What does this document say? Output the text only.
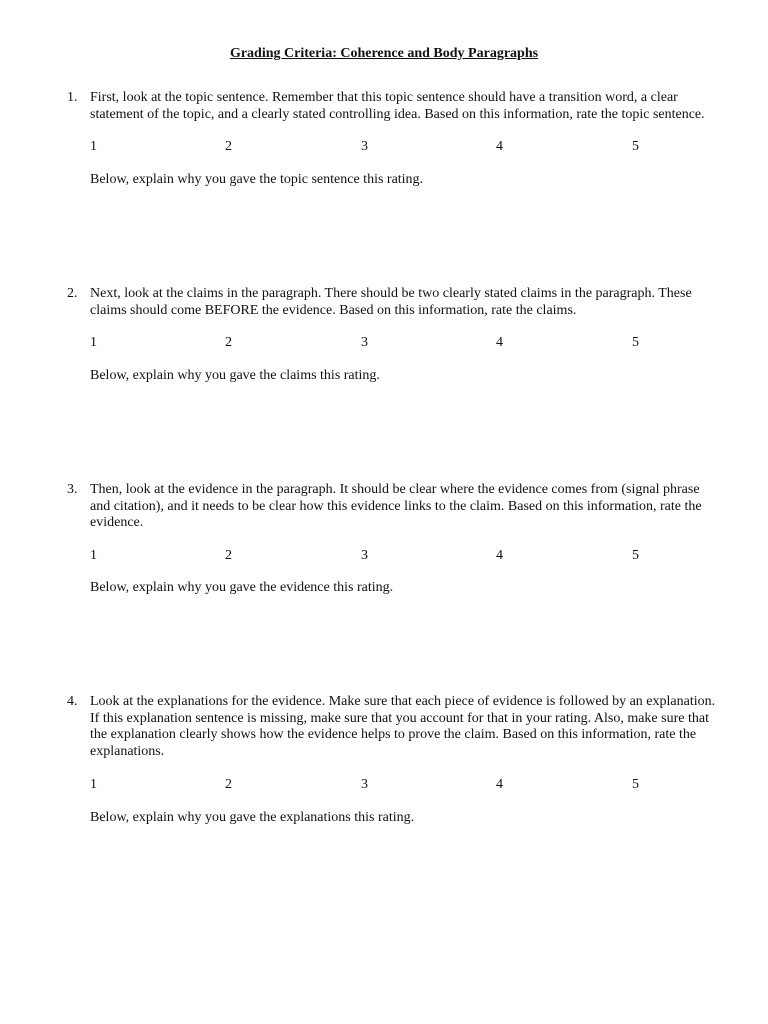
Grading Criteria: Coherence and Body Paragraphs
1. First, look at the topic sentence. Remember that this topic sentence should have a transition word, a clear statement of the topic, and a clearly stated controlling idea. Based on this information, rate the topic sentence.
1	2	3	4	5
Below, explain why you gave the topic sentence this rating.
2. Next, look at the claims in the paragraph. There should be two clearly stated claims in the paragraph. These claims should come BEFORE the evidence. Based on this information, rate the claims.
1	2	3	4	5
Below, explain why you gave the claims this rating.
3. Then, look at the evidence in the paragraph. It should be clear where the evidence comes from (signal phrase and citation), and it needs to be clear how this evidence links to the claim. Based on this information, rate the evidence.
1	2	3	4	5
Below, explain why you gave the evidence this rating.
4. Look at the explanations for the evidence. Make sure that each piece of evidence is followed by an explanation. If this explanation sentence is missing, make sure that you account for that in your rating. Also, make sure that the explanation clearly shows how the evidence helps to prove the claim. Based on this information, rate the explanations.
1	2	3	4	5
Below, explain why you gave the explanations this rating.
